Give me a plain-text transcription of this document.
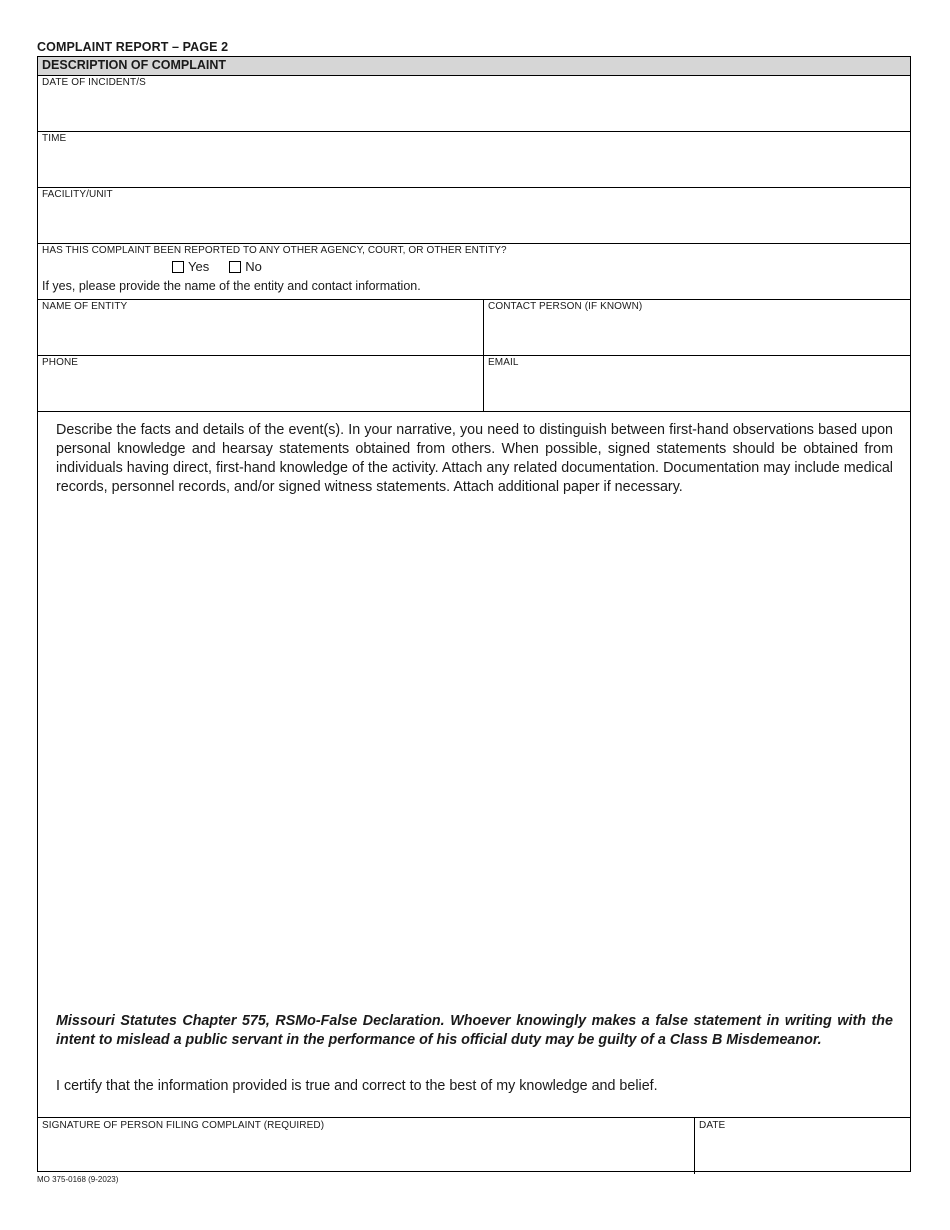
COMPLAINT REPORT – PAGE 2
DESCRIPTION OF COMPLAINT
DATE OF INCIDENT/S
TIME
FACILITY/UNIT
HAS THIS COMPLAINT BEEN REPORTED TO ANY OTHER AGENCY, COURT, OR OTHER ENTITY?
Yes	No
If yes, please provide the name of the entity and contact information.
NAME OF ENTITY	CONTACT PERSON (IF KNOWN)
PHONE	EMAIL
Describe the facts and details of the event(s). In your narrative, you need to distinguish between first-hand observations based upon personal knowledge and hearsay statements obtained from others. When possible, signed statements should be obtained from individuals having direct, first-hand knowledge of the activity. Attach any related documentation. Documentation may include medical records, personnel records, and/or signed witness statements. Attach additional paper if necessary.
Missouri Statutes Chapter 575, RSMo-False Declaration. Whoever knowingly makes a false statement in writing with the intent to mislead a public servant in the performance of his official duty may be guilty of a Class B Misdemeanor.
I certify that the information provided is true and correct to the best of my knowledge and belief.
SIGNATURE OF PERSON FILING COMPLAINT (REQUIRED)	DATE
MO 375-0168 (9-2023)
